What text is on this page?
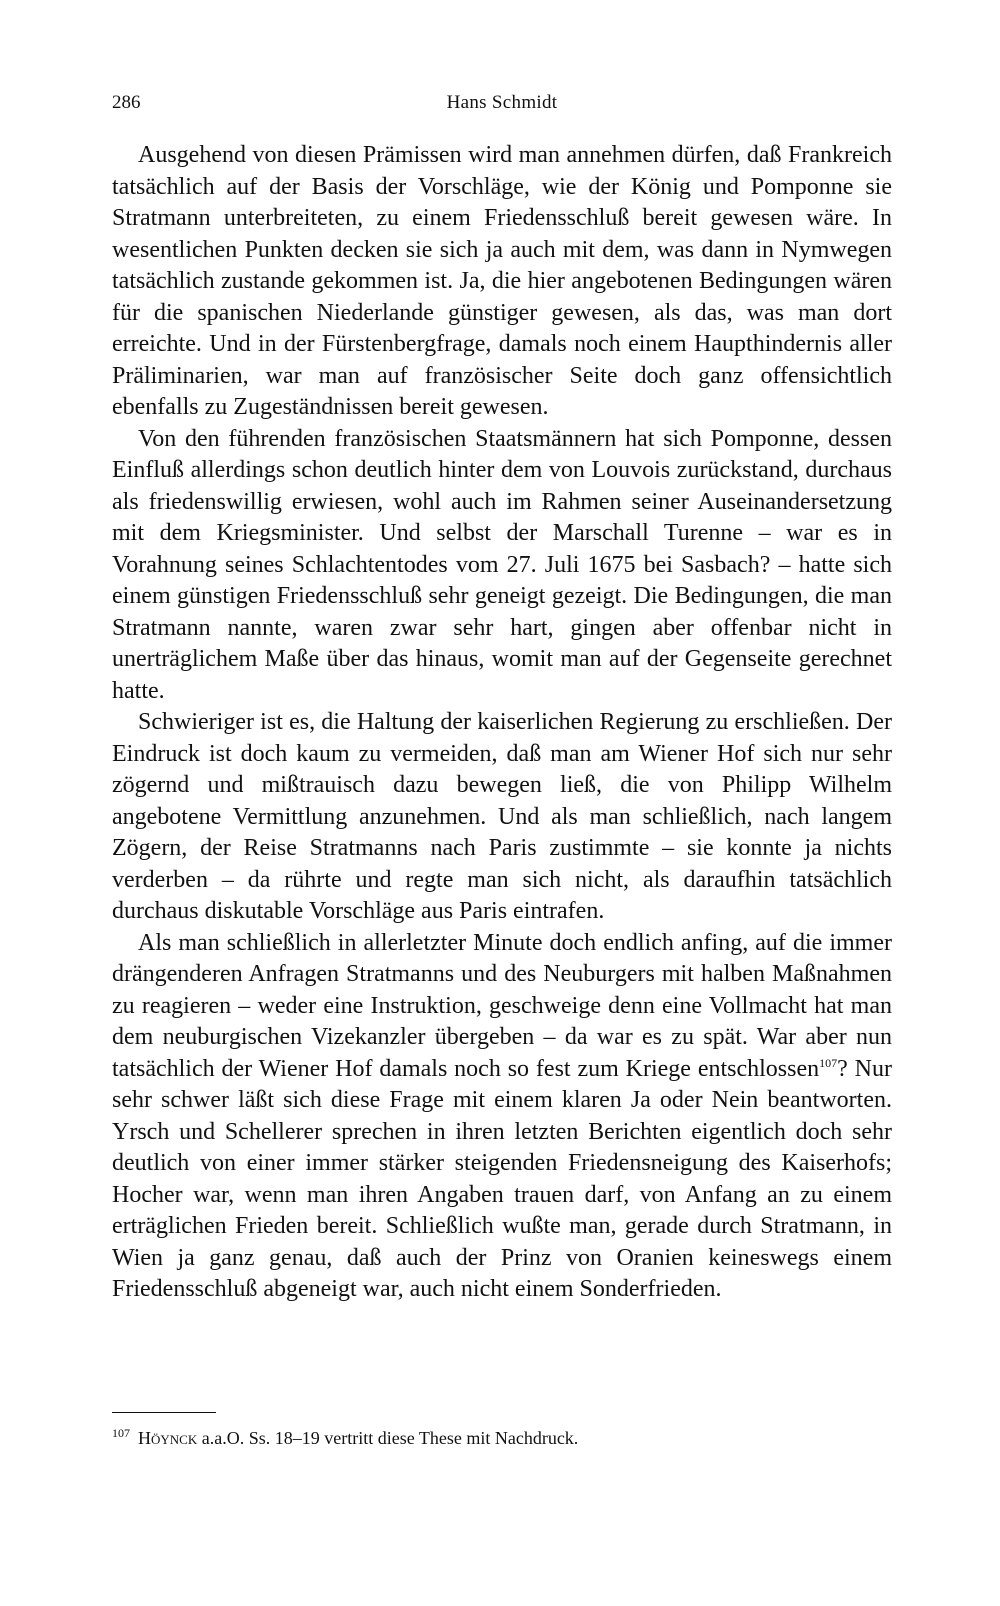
286	Hans Schmidt

Ausgehend von diesen Prämissen wird man annehmen dürfen, daß Frankreich tatsächlich auf der Basis der Vorschläge, wie der König und Pomponne sie Stratmann unterbreiteten, zu einem Friedensschluß bereit gewesen wäre. In wesentlichen Punkten decken sie sich ja auch mit dem, was dann in Nymwegen tatsächlich zustande gekommen ist. Ja, die hier angebotenen Bedingungen wären für die spanischen Niederlande günstiger gewesen, als das, was man dort erreichte. Und in der Fürstenbergfrage, damals noch einem Haupthindernis aller Präliminarien, war man auf französischer Seite doch ganz offensichtlich ebenfalls zu Zugeständnissen bereit gewesen.

Von den führenden französischen Staatsmännern hat sich Pomponne, dessen Einfluß allerdings schon deutlich hinter dem von Louvois zurückstand, durchaus als friedenswillig erwiesen, wohl auch im Rahmen seiner Auseinandersetzung mit dem Kriegsminister. Und selbst der Marschall Turenne – war es in Vorahnung seines Schlachtentodes vom 27. Juli 1675 bei Sasbach? – hatte sich einem günstigen Friedensschluß sehr geneigt gezeigt. Die Bedingungen, die man Stratmann nannte, waren zwar sehr hart, gingen aber offenbar nicht in unerträglichem Maße über das hinaus, womit man auf der Gegenseite gerechnet hatte.

Schwieriger ist es, die Haltung der kaiserlichen Regierung zu erschließen. Der Eindruck ist doch kaum zu vermeiden, daß man am Wiener Hof sich nur sehr zögernd und mißtrauisch dazu bewegen ließ, die von Philipp Wilhelm angebotene Vermittlung anzunehmen. Und als man schließlich, nach langem Zögern, der Reise Stratmanns nach Paris zustimmte – sie konnte ja nichts verderben – da rührte und regte man sich nicht, als daraufhin tatsächlich durchaus diskutable Vorschläge aus Paris eintrafen.

Als man schließlich in allerletzter Minute doch endlich anfing, auf die immer drängenderen Anfragen Stratmanns und des Neuburgers mit halben Maßnahmen zu reagieren – weder eine Instruktion, geschweige denn eine Vollmacht hat man dem neuburgischen Vizekanzler übergeben – da war es zu spät. War aber nun tatsächlich der Wiener Hof damals noch so fest zum Kriege entschlossen$^{107}$? Nur sehr schwer läßt sich diese Frage mit einem klaren Ja oder Nein beantworten. Yrsch und Schellerer sprechen in ihren letzten Berichten eigentlich doch sehr deutlich von einer immer stärker steigenden Friedensneigung des Kaiserhofs; Hocher war, wenn man ihren Angaben trauen darf, von Anfang an zu einem erträglichen Frieden bereit. Schließlich wußte man, gerade durch Stratmann, in Wien ja ganz genau, daß auch der Prinz von Oranien keineswegs einem Friedensschluß abgeneigt war, auch nicht einem Sonderfrieden.

$^{107}$ Höynck a.a.O. Ss. 18–19 vertritt diese These mit Nachdruck.
